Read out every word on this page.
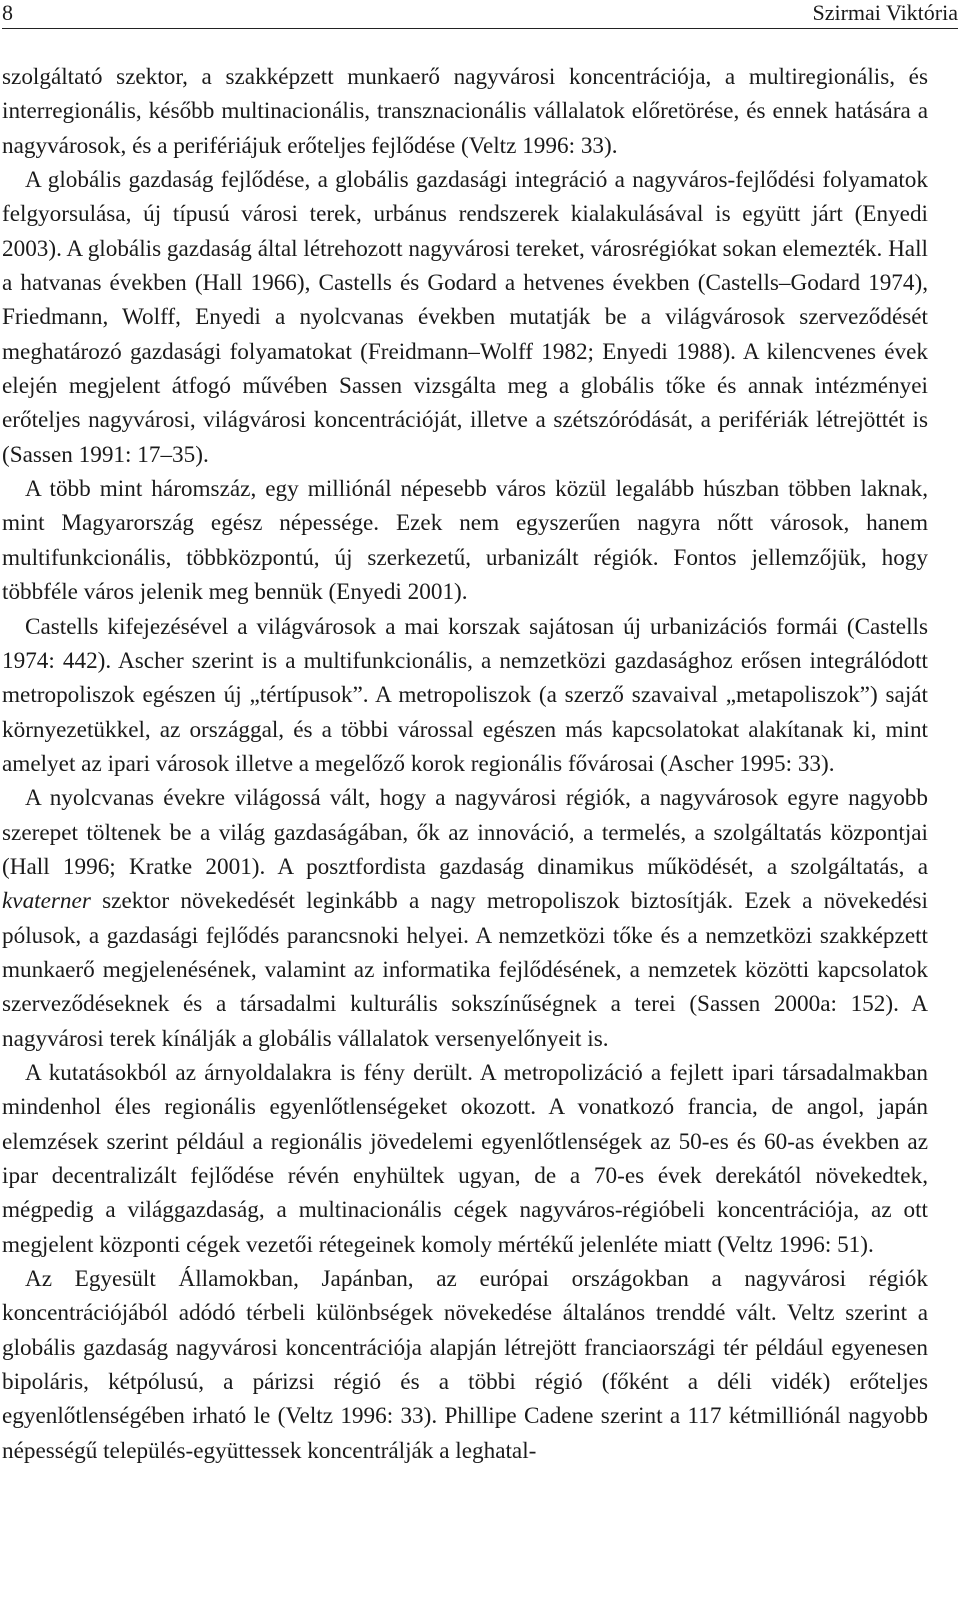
8	Szirmai Viktória

szolgáltató szektor, a szakképzett munkaerő nagyvárosi koncentrációja, a multiregionális, és interregionális, később multinacionális, transznacionális vállalatok előretörése, és ennek hatására a nagyvárosok, és a perifériájuk erőteljes fejlődése (Veltz 1996: 33).

A globális gazdaság fejlődése, a globális gazdasági integráció a nagyváros-fejlődési folyamatok felgyorsulása, új típusú városi terek, urbánus rendszerek kialakulásával is együtt járt (Enyedi 2003). A globális gazdaság által létrehozott nagyvárosi tereket, városrégiókat sokan elemezték. Hall a hatvanas években (Hall 1966), Castells és Godard a hetvenes években (Castells–Godard 1974), Friedmann, Wolff, Enyedi a nyolcvanas években mutatják be a világvárosok szerveződését meghatározó gazdasági folyamatokat (Freidmann–Wolff 1982; Enyedi 1988). A kilencvenes évek elején megjelent átfogó művében Sassen vizsgálta meg a globális tőke és annak intézményei erőteljes nagyvárosi, világvárosi koncentrációját, illetve a szétszóródását, a perifériák létrejöttét is (Sassen 1991: 17–35).

A több mint háromszáz, egy milliónál népesebb város közül legalább húszban többen laknak, mint Magyarország egész népessége. Ezek nem egyszerűen nagyra nőtt városok, hanem multifunkcionális, többközpontú, új szerkezetű, urbanizált régiók. Fontos jellemzőjük, hogy többféle város jelenik meg bennük (Enyedi 2001).

Castells kifejezésével a világvárosok a mai korszak sajátosan új urbanizációs formái (Castells 1974: 442). Ascher szerint is a multifunkcionális, a nemzetközi gazdasághoz erősen integrálódott metropoliszok egészen új „tértípusok”. A metropoliszok (a szerző szavaival „metapoliszok”) saját környezetükkel, az országgal, és a többi várossal egészen más kapcsolatokat alakítanak ki, mint amelyet az ipari városok illetve a megelőző korok regionális fővárosai (Ascher 1995: 33).

A nyolcvanas évekre világossá vált, hogy a nagyvárosi régiók, a nagyvárosok egyre nagyobb szerepet töltenek be a világ gazdaságában, ők az innováció, a termelés, a szolgáltatás központjai (Hall 1996; Kratke 2001). A posztfordista gazdaság dinamikus működését, a szolgáltatás, a kvaterner szektor növekedését leginkább a nagy metropoliszok biztosítják. Ezek a növekedési pólusok, a gazdasági fejlődés parancsnoki helyei. A nemzetközi tőke és a nemzetközi szakképzett munkaerő megjelenésének, valamint az informatika fejlődésének, a nemzetek közötti kapcsolatok szerveződéseknek és a társadalmi kulturális sokszínűségnek a terei (Sassen 2000a: 152). A nagyvárosi terek kínálják a globális vállalatok versenyelőnyeit is.

A kutatásokból az árnyoldalakra is fény derült. A metropolizáció a fejlett ipari társadalmakban mindenhol éles regionális egyenlőtlenségeket okozott. A vonatkozó francia, de angol, japán elemzések szerint például a regionális jövedelemi egyenlőtlenségek az 50-es és 60-as években az ipar decentralizált fejlődése révén enyhültek ugyan, de a 70-es évek derekától növekedtek, mégpedig a világgazdaság, a multinacionális cégek nagyváros-régióbeli koncentrációja, az ott megjelent központi cégek vezetői rétegeinek komoly mértékű jelenléte miatt (Veltz 1996: 51).

Az Egyesült Államokban, Japánban, az európai országokban a nagyvárosi régiók koncentrációjából adódó térbeli különbségek növekedése általános trenddé vált. Veltz szerint a globális gazdaság nagyvárosi koncentrációja alapján létrejött franciaországi tér például egyenesen bipoláris, kétpólusú, a párizsi régió és a többi régió (főként a déli vidék) erőteljes egyenlőtlenségében irható le (Veltz 1996: 33). Phillipe Cadene szerint a 117 kétmilliónál nagyobb népességű település-együttessek koncentrálják a leghatal-
